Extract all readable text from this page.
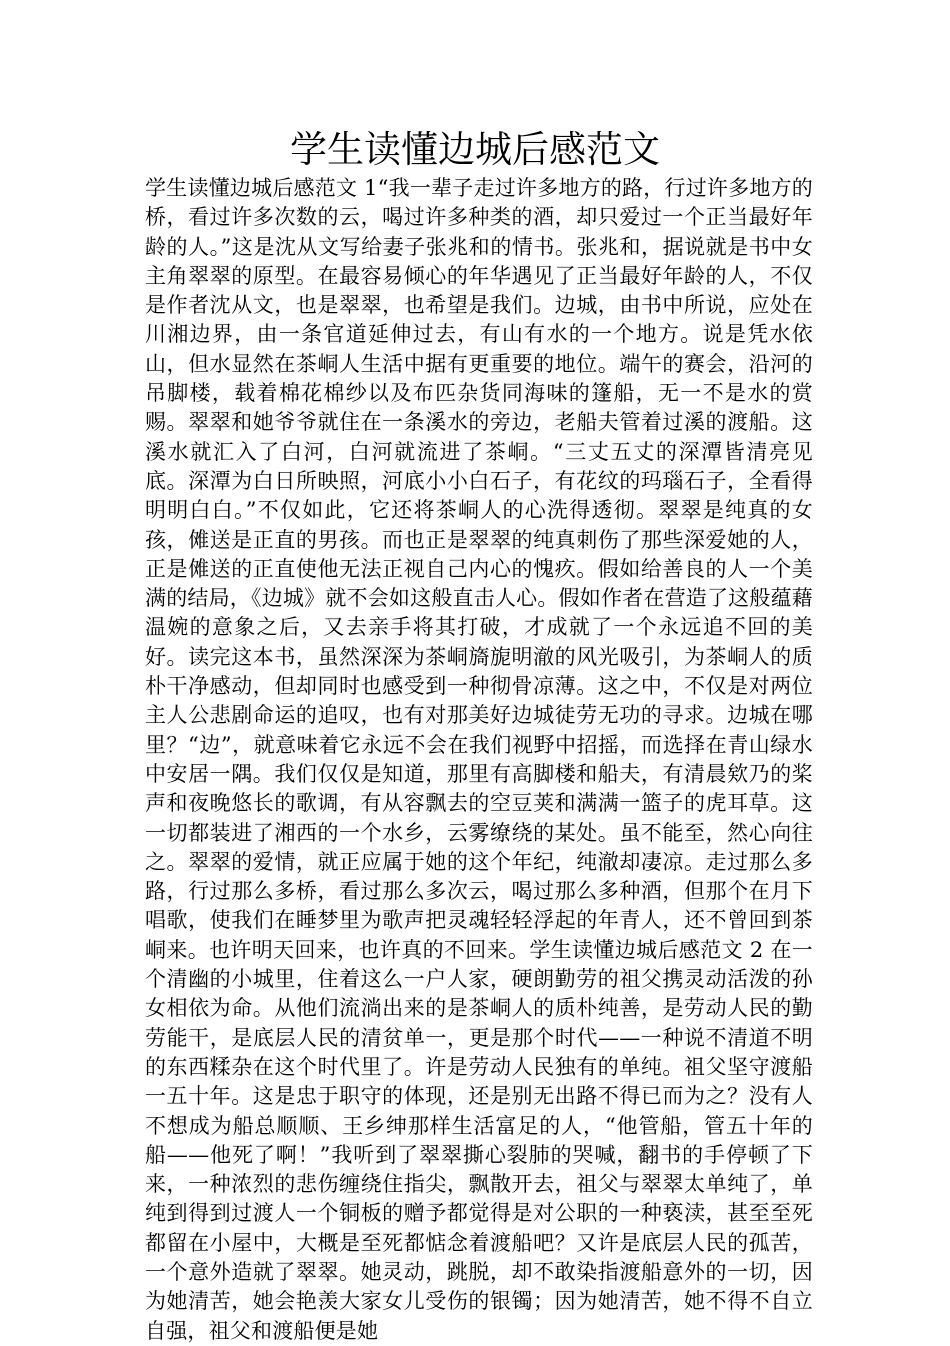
学生读懂边城后感范文

学生读懂边城后感范文 1“我一辈子走过许多地方的路，行过许多地方的桥，看过许多次数的云，喝过许多种类的酒，却只爱过一个正当最好年龄的人。”这是沈从文写给妻子张兆和的情书。张兆和，据说就是书中女主角翠翠的原型。在最容易倾心的年华遇见了正当最好年龄的人，不仅是作者沈从文，也是翠翠，也希望是我们。边城，由书中所说，应处在川湘边界，由一条官道延伸过去，有山有水的一个地方。说是凭水依山，但水显然在茶峒人生活中据有更重要的地位。端午的赛会，沿河的吊脚楼，载着棉花棉纱以及布匹杂货同海味的篷船，无一不是水的赏赐。翠翠和她爷爷就住在一条溪水的旁边，老船夫管着过溪的渡船。这溪水就汇入了白河，白河就流进了茶峒。“三丈五丈的深潭皆清亮见底。深潭为白日所映照，河底小小白石子，有花纹的玛瑙石子，全看得明明白白。”不仅如此，它还将茶峒人的心洗得透彻。翠翠是纯真的女孩，傩送是正直的男孩。而也正是翠翠的纯真刺伤了那些深爱她的人，正是傩送的正直使他无法正视自己内心的愧疚。假如给善良的人一个美满的结局，《边城》就不会如这般直击人心。假如作者在营造了这般蕴藉温婉的意象之后，又去亲手将其打破，才成就了一个永远追不回的美好。读完这本书，虽然深深为茶峒旖旎明澈的风光吸引，为茶峒人的质朴干净感动，但却同时也感受到一种彻骨凉薄。这之中，不仅是对两位主人公悲剧命运的追叹，也有对那美好边城徒劳无功的寻求。边城在哪里？“边”，就意味着它永远不会在我们视野中招摇，而选择在青山绿水中安居一隅。我们仅仅是知道，那里有高脚楼和船夫，有清晨欸乃的桨声和夜晚悠长的歌调，有从容飘去的空豆荚和满满一篮子的虎耳草。这一切都装进了湘西的一个水乡，云雾缭绕的某处。虽不能至，然心向往之。翠翠的爱情，就正应属于她的这个年纪，纯澈却凄凉。走过那么多路，行过那么多桥，看过那么多次云，喝过那么多种酒，但那个在月下唱歌，使我们在睡梦里为歌声把灵魂轻轻浮起的年青人，还不曾回到茶峒来。也许明天回来，也许真的不回来。学生读懂边城后感范文 2 在一个清幽的小城里，住着这么一户人家，硬朗勤劳的祖父携灵动活泼的孙女相依为命。从他们流淌出来的是茶峒人的质朴纯善，是劳动人民的勤劳能干，是底层人民的清贫单一，更是那个时代——一种说不清道不明的东西糅杂在这个时代里了。许是劳动人民独有的单纯。祖父坚守渡船一五十年。这是忠于职守的体现，还是别无出路不得已而为之？没有人不想成为船总顺顺、王乡绅那样生活富足的人，“他管船，管五十年的船——他死了啊！”我听到了翠翠撕心裂肺的哭喊，翻书的手停顿了下来，一种浓烈的悲伤缠绕住指尖，飘散开去，祖父与翠翠太单纯了，单纯到得到过渡人一个铜板的赠予都觉得是对公职的一种亵渎，甚至至死都留在小屋中，大概是至死都惦念着渡船吧？又许是底层人民的孤苦，一个意外造就了翠翠。她灵动，跳脱，却不敢染指渡船意外的一切，因为她清苦，她会艳羡大家女儿受伤的银镯；因为她清苦，她不得不自立自强，祖父和渡船便是她
